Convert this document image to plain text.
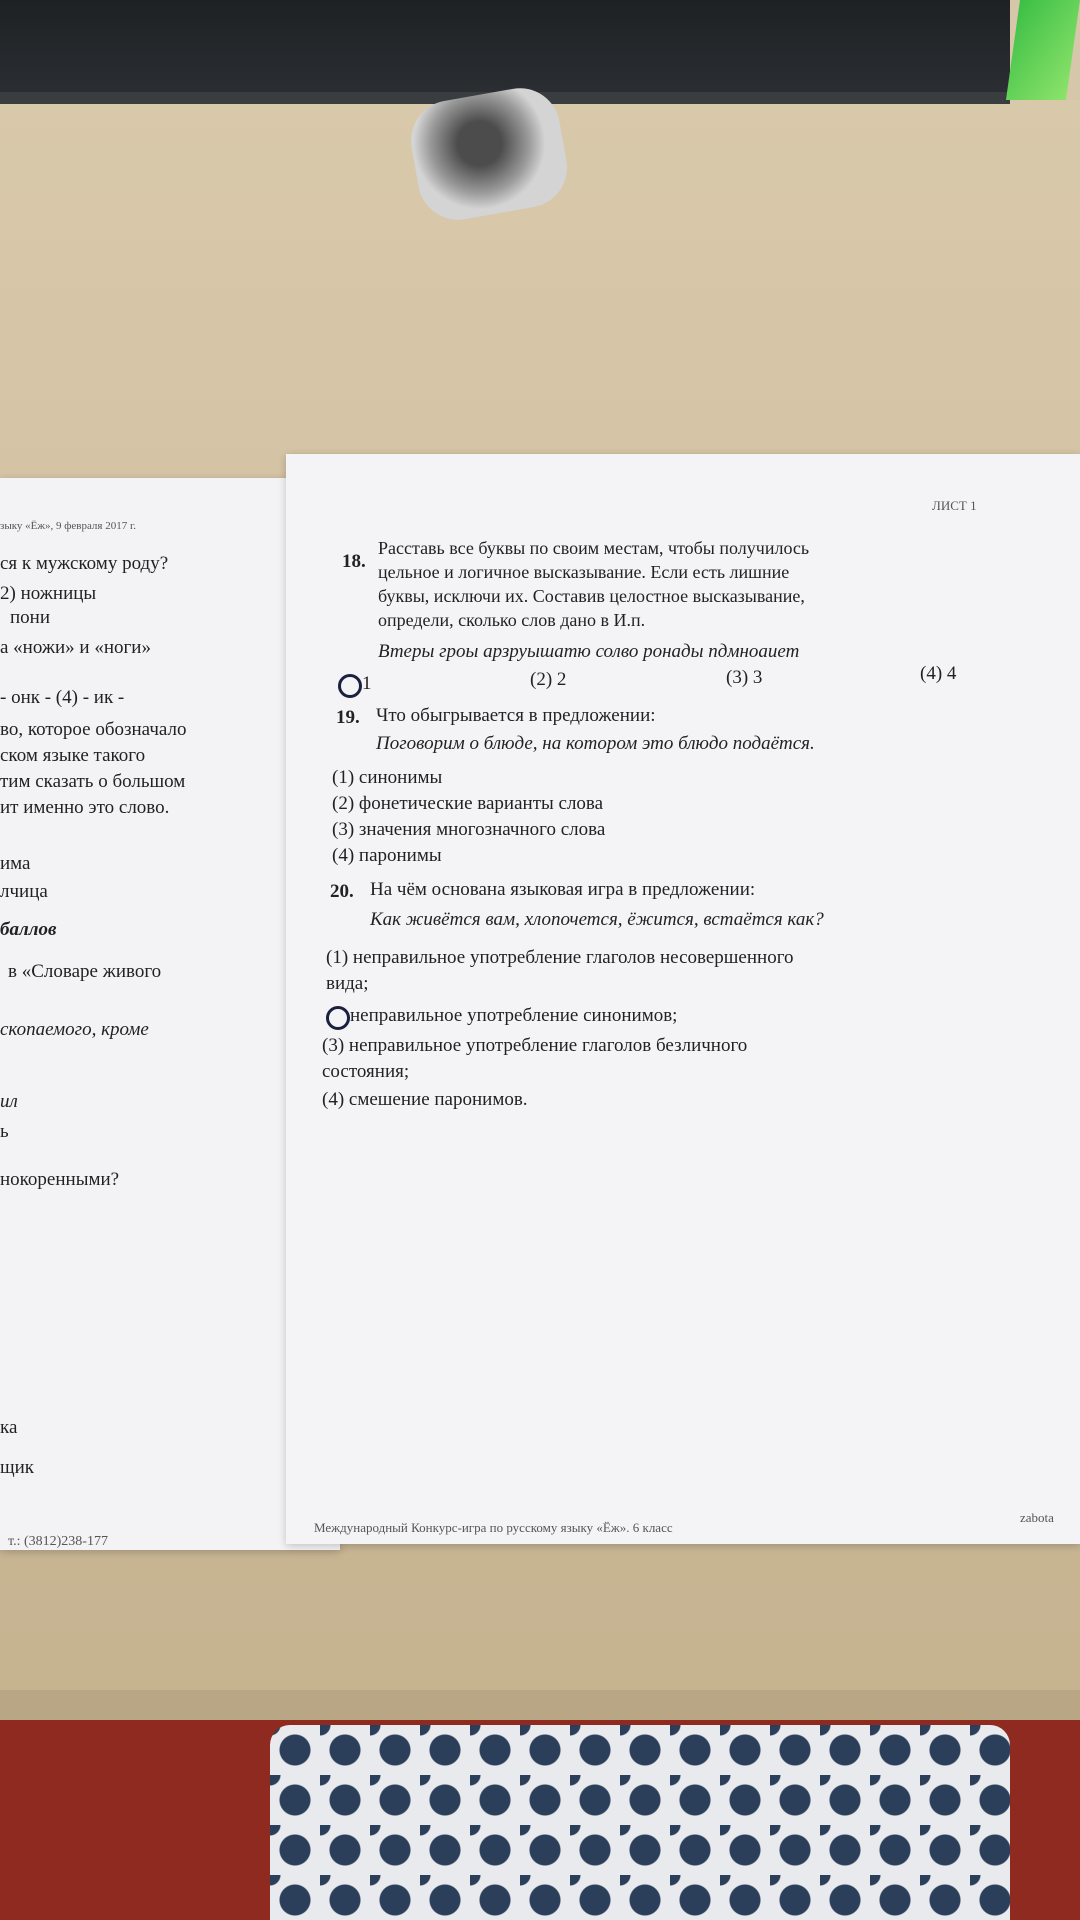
зыку «Ёж», 9 февраля 2017 г.
ся к мужскому роду?
2) ножницы
пони
а «ножи» и «ноги»
- онк - (4) - ик -
во, которое обозначало
ском языке такого
тим сказать о большом
ит именно это слово.
има
лчица
баллов
в «Словаре живого
скопаемого, кроме
ил
ь
нокоренными?
ка
щик
т.: (3812)238-177
ЛИСТ 1
18.
Расставь все буквы по своим местам, чтобы получилось
цельное и логичное высказывание. Если есть лишние
буквы, исключи их. Составив целостное высказывание,
определи, сколько слов дано в И.п.
Втеры гроы арзруышатю солво ронады пдмноаиет
1	(2) 2	(3) 3	(4) 4
19. Что обыгрывается в предложении:
Поговорим о блюде, на котором это блюдо подаётся.
(1) синонимы
(2) фонетические варианты слова
(3) значения многозначного слова
(4) паронимы
20. На чём основана языковая игра в предложении:
Как живётся вам, хлопочется, ёжится, встаётся как?
(1) неправильное употребление глаголов несовершенного
вида;
неправильное употребление синонимов;
(3) неправильное употребление глаголов безличного
состояния;
(4) смешение паронимов.
Международный Конкурс-игра по русскому языку «Ёж». 6 класс
zabota
